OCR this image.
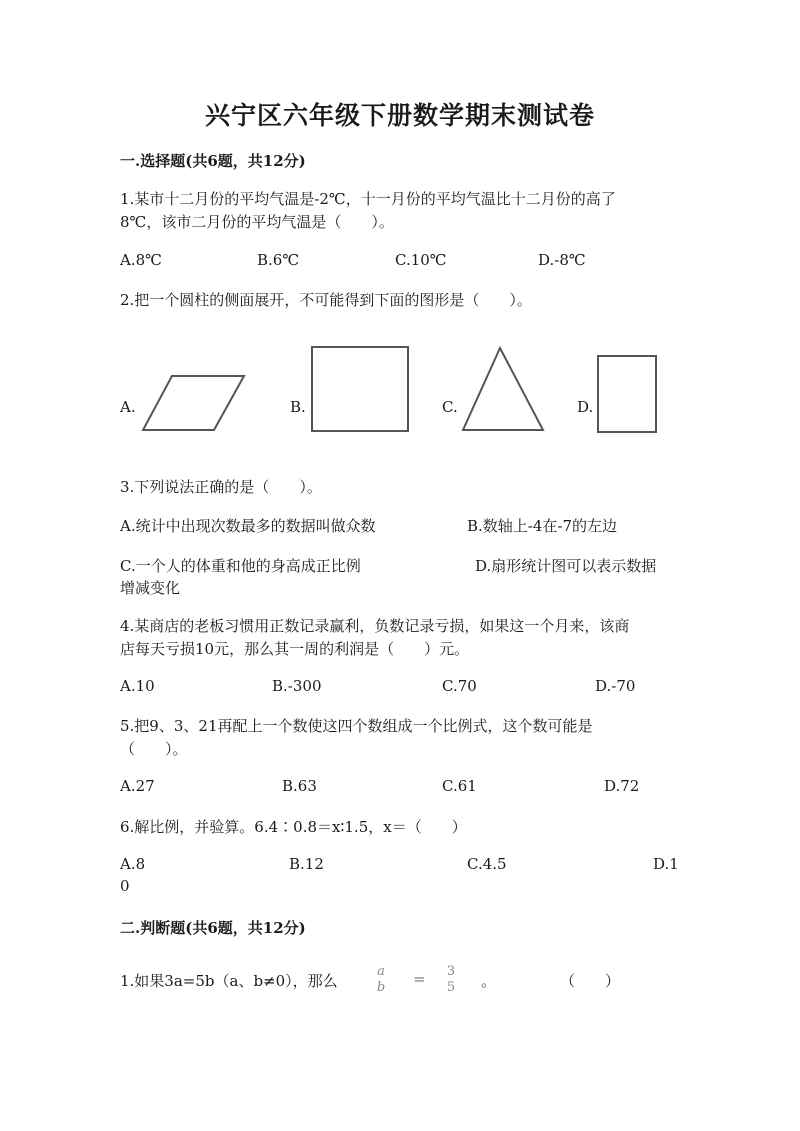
兴宁区六年级下册数学期末测试卷
一.选择题(共6题，共12分)
1.某市十二月份的平均气温是-2℃，十一月份的平均气温比十二月份的高了
8℃，该市二月份的平均气温是（　　）。
A.8℃	B.6℃	C.10℃	D.-8℃
2.把一个圆柱的侧面展开，不可能得到下面的图形是（　　）。
A.	B.	C.	D.
3.下列说法正确的是（　　）。
A.统计中出现次数最多的数据叫做众数	B.数轴上-4在-7的左边
C.一个人的体重和他的身高成正比例	D.扇形统计图可以表示数据
增减变化
4.某商店的老板习惯用正数记录赢利，负数记录亏损，如果这一个月来，该商
店每天亏损10元，那么其一周的利润是（　　）元。
A.10	B.-300	C.70	D.-70
5.把9、3、21再配上一个数使这四个数组成一个比例式，这个数可能是
（　　）。
A.27	B.63	C.61	D.72
6.解比例，并验算。6.4∶0.8＝x∶1.5，x＝（　　）
A.8	B.12	C.4.5	D.1
0
二.判断题(共6题，共12分)
1.如果3a=5b（a、b≠0），那么
a
b	=	3
5	。	（　　）
